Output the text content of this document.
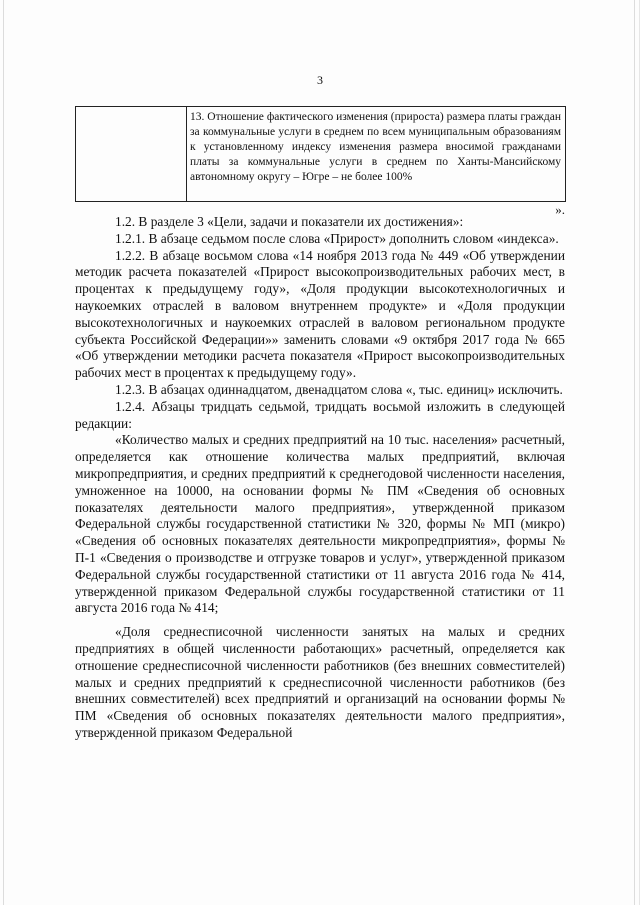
3
13. Отношение фактического изменения (прироста) размера платы граждан за коммунальные услуги в среднем по всем муниципальным образованиям к установленному индексу изменения размера вносимой гражданами платы за коммунальные услуги в среднем по Ханты-Мансийскому автономному округу – Югре – не более 100%
».

1.2. В разделе 3 «Цели, задачи и показатели их достижения»:

1.2.1. В абзаце седьмом после слова «Прирост» дополнить словом «индекса».

1.2.2. В абзаце восьмом слова «14 ноября 2013 года № 449 «Об утверждении методик расчета показателей «Прирост высокопроизводительных рабочих мест, в процентах к предыдущему году», «Доля продукции высокотехнологичных и наукоемких отраслей в валовом внутреннем продукте» и «Доля продукции высокотехнологичных и наукоемких отраслей в валовом региональном продукте субъекта Российской Федерации»» заменить словами «9 октября 2017 года № 665 «Об утверждении методики расчета показателя «Прирост высокопроизводительных рабочих мест в процентах к предыдущему году».

1.2.3. В абзацах одиннадцатом, двенадцатом слова «, тыс. единиц» исключить.

1.2.4. Абзацы тридцать седьмой, тридцать восьмой изложить в следующей редакции:

«Количество малых и средних предприятий на 10 тыс. населения» расчетный, определяется как отношение количества малых предприятий, включая микропредприятия, и средних предприятий к среднегодовой численности населения, умноженное на 10000, на основании формы № ПМ «Сведения об основных показателях деятельности малого предприятия», утвержденной приказом Федеральной службы государственной статистики № 320, формы № МП (микро) «Сведения об основных показателях деятельности микропредприятия», формы № П-1 «Сведения о производстве и отгрузке товаров и услуг», утвержденной приказом Федеральной службы государственной статистики от 11 августа 2016 года № 414, утвержденной приказом Федеральной службы государственной статистики от 11 августа 2016 года № 414;

«Доля среднесписочной численности занятых на малых и средних предприятиях в общей численности работающих» расчетный, определяется как отношение среднесписочной численности работников (без внешних совместителей) малых и средних предприятий к среднесписочной численности работников (без внешних совместителей) всех предприятий и организаций на основании формы № ПМ «Сведения об основных показателях деятельности малого предприятия», утвержденной приказом Федеральной
